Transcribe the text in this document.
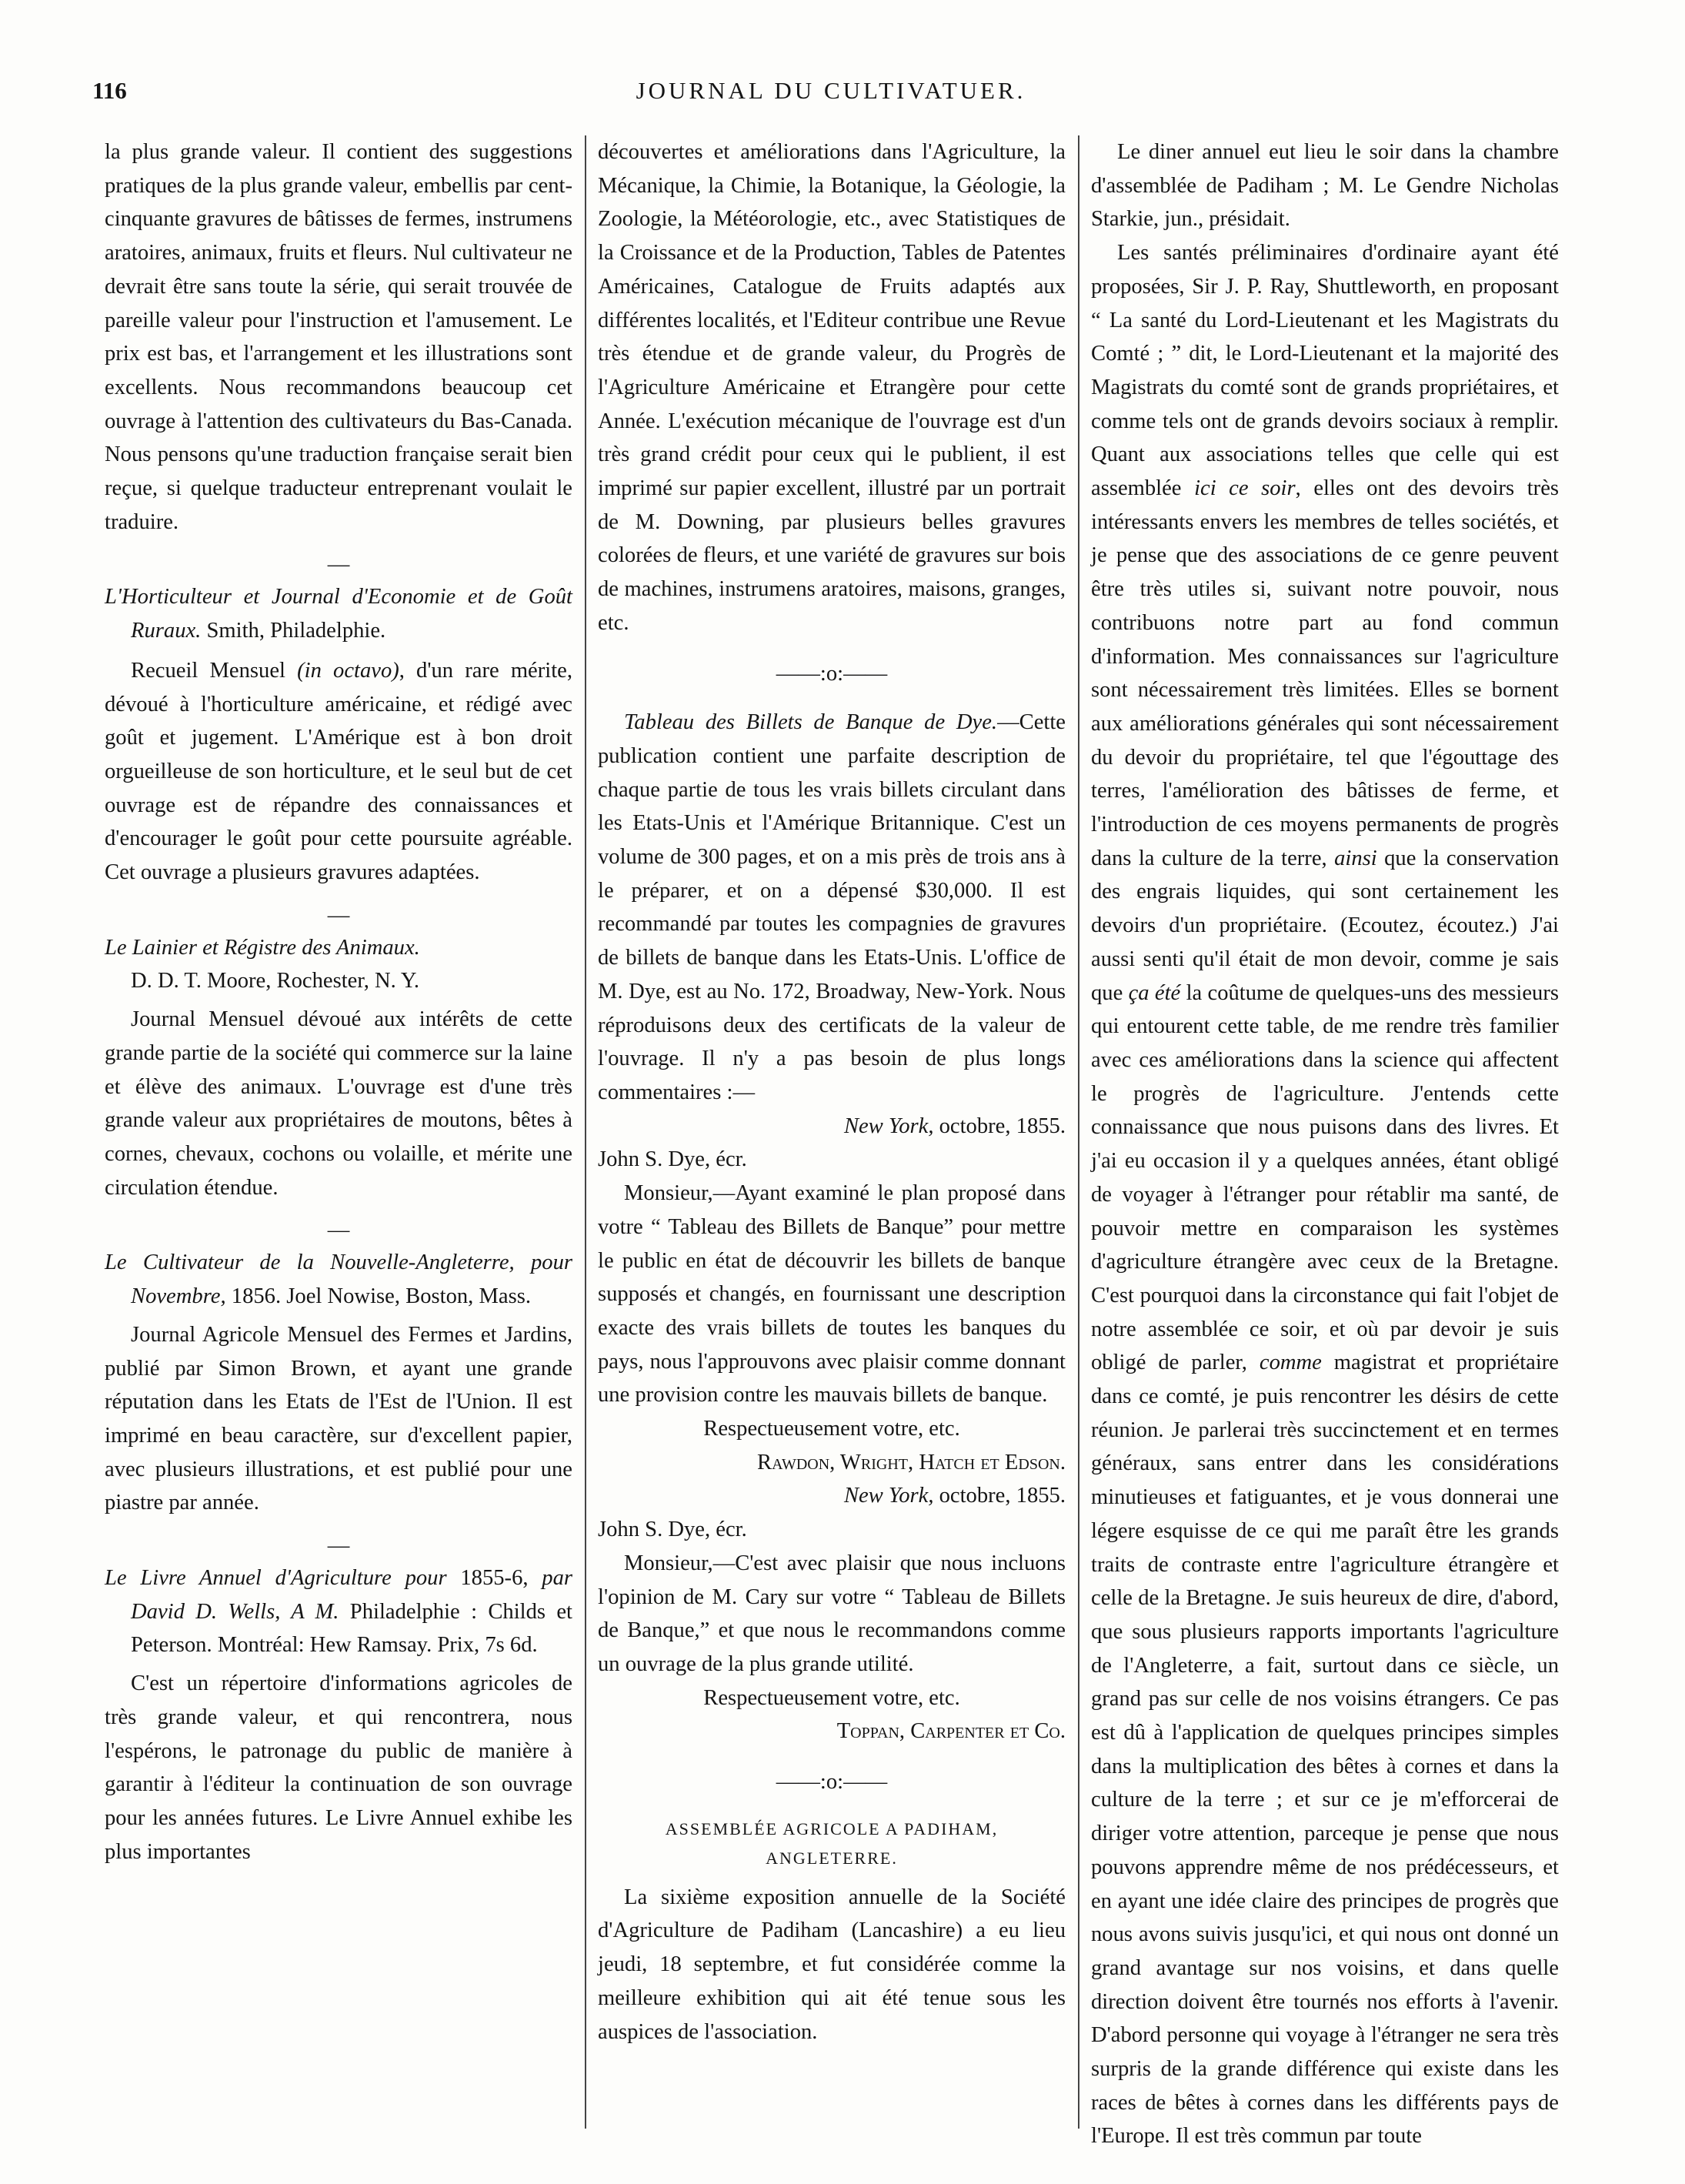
116	JOURNAL DU CULTIVATUER.

la plus grande valeur. Il contient des suggestions pratiques de la plus grande valeur, embellis par cent-cinquante gravures de bâtisses de fermes, instrumens aratoires, animaux, fruits et fleurs. Nul cultivateur ne devrait être sans toute la série, qui serait trouvée de pareille valeur pour l'instruction et l'amusement. Le prix est bas, et l'arrangement et les illustrations sont excellents. Nous recommandons beaucoup cet ouvrage à l'attention des cultivateurs du Bas-Canada. Nous pensons qu'une traduction française serait bien reçue, si quelque traducteur entreprenant voulait le traduire.

—

L'Horticulteur et Journal d'Economie et de Goût Ruraux. Smith, Philadelphie.

Recueil Mensuel (in octavo), d'un rare mérite, dévoué à l'horticulture américaine, et rédigé avec goût et jugement. L'Amérique est à bon droit orgueilleuse de son horticulture, et le seul but de cet ouvrage est de répandre des connaissances et d'encourager le goût pour cette poursuite agréable. Cet ouvrage a plusieurs gravures adaptées.

—

Le Lainier et Régistre des Animaux.

D. D. T. Moore, Rochester, N. Y.

Journal Mensuel dévoué aux intérêts de cette grande partie de la société qui commerce sur la laine et élève des animaux. L'ouvrage est d'une très grande valeur aux propriétaires de moutons, bêtes à cornes, chevaux, cochons ou volaille, et mérite une circulation étendue.

—

Le Cultivateur de la Nouvelle-Angleterre, pour Novembre, 1856. Joel Nowise, Boston, Mass.

Journal Agricole Mensuel des Fermes et Jardins, publié par Simon Brown, et ayant une grande réputation dans les Etats de l'Est de l'Union. Il est imprimé en beau caractère, sur d'excellent papier, avec plusieurs illustrations, et est publié pour une piastre par année.

—

Le Livre Annuel d'Agriculture pour 1855-6, par David D. Wells, A M. Philadelphie : Childs et Peterson. Montréal: Hew Ramsay. Prix, 7s 6d.

C'est un répertoire d'informations agricoles de très grande valeur, et qui rencontrera, nous l'espérons, le patronage du public de manière à garantir à l'éditeur la continuation de son ouvrage pour les années futures. Le Livre Annuel exhibe les plus importantes

découvertes et améliorations dans l'Agriculture, la Mécanique, la Chimie, la Botanique, la Géologie, la Zoologie, la Météorologie, etc., avec Statistiques de la Croissance et de la Production, Tables de Patentes Américaines, Catalogue de Fruits adaptés aux différentes localités, et l'Editeur contribue une Revue très étendue et de grande valeur, du Progrès de l'Agriculture Américaine et Etrangère pour cette Année. L'exécution mécanique de l'ouvrage est d'un très grand crédit pour ceux qui le publient, il est imprimé sur papier excellent, illustré par un portrait de M. Downing, par plusieurs belles gravures colorées de fleurs, et une variété de gravures sur bois de machines, instrumens aratoires, maisons, granges, etc.

——:o:——

Tableau des Billets de Banque de Dye.—Cette publication contient une parfaite description de chaque partie de tous les vrais billets circulant dans les Etats-Unis et l'Amérique Britannique. C'est un volume de 300 pages, et on a mis près de trois ans à le préparer, et on a dépensé $30,000. Il est recommandé par toutes les compagnies de gravures de billets de banque dans les Etats-Unis. L'office de M. Dye, est au No. 172, Broadway, New-York. Nous réproduisons deux des certificats de la valeur de l'ouvrage. Il n'y a pas besoin de plus longs commentaires :—

New York, octobre, 1855.

John S. Dye, écr.

Monsieur,—Ayant examiné le plan proposé dans votre “ Tableau des Billets de Banque” pour mettre le public en état de découvrir les billets de banque supposés et changés, en fournissant une description exacte des vrais billets de toutes les banques du pays, nous l'approuvons avec plaisir comme donnant une provision contre les mauvais billets de banque.

Respectueusement votre, etc.

Rawdon, Wright, Hatch et Edson.

New York, octobre, 1855.

John S. Dye, écr.

Monsieur,—C'est avec plaisir que nous incluons l'opinion de M. Cary sur votre “ Tableau de Billets de Banque,” et que nous le recommandons comme un ouvrage de la plus grande utilité.

Respectueusement votre, etc.

Toppan, Carpenter et Co.

——:o:——

ASSEMBLÉE AGRICOLE A PADIHAM,
ANGLETERRE.

La sixième exposition annuelle de la Société d'Agriculture de Padiham (Lancashire) a eu lieu jeudi, 18 septembre, et fut considérée comme la meilleure exhibition qui ait été tenue sous les auspices de l'association.

Le diner annuel eut lieu le soir dans la chambre d'assemblée de Padiham ; M. Le Gendre Nicholas Starkie, jun., présidait.

Les santés préliminaires d'ordinaire ayant été proposées, Sir J. P. Ray, Shuttleworth, en proposant “ La santé du Lord-Lieutenant et les Magistrats du Comté ; ” dit, le Lord-Lieutenant et la majorité des Magistrats du comté sont de grands propriétaires, et comme tels ont de grands devoirs sociaux à remplir. Quant aux associations telles que celle qui est assemblée ici ce soir, elles ont des devoirs très intéressants envers les membres de telles sociétés, et je pense que des associations de ce genre peuvent être très utiles si, suivant notre pouvoir, nous contribuons notre part au fond commun d'information. Mes connaissances sur l'agriculture sont nécessairement très limitées. Elles se bornent aux améliorations générales qui sont nécessairement du devoir du propriétaire, tel que l'égouttage des terres, l'amélioration des bâtisses de ferme, et l'introduction de ces moyens permanents de progrès dans la culture de la terre, ainsi que la conservation des engrais liquides, qui sont certainement les devoirs d'un propriétaire. (Ecoutez, écoutez.) J'ai aussi senti qu'il était de mon devoir, comme je sais que ça été la coûtume de quelques-uns des messieurs qui entourent cette table, de me rendre très familier avec ces améliorations dans la science qui affectent le progrès de l'agriculture. J'entends cette connaissance que nous puisons dans des livres. Et j'ai eu occasion il y a quelques années, étant obligé de voyager à l'étranger pour rétablir ma santé, de pouvoir mettre en comparaison les systèmes d'agriculture étrangère avec ceux de la Bretagne. C'est pourquoi dans la circonstance qui fait l'objet de notre assemblée ce soir, et où par devoir je suis obligé de parler, comme magistrat et propriétaire dans ce comté, je puis rencontrer les désirs de cette réunion. Je parlerai très succinctement et en termes généraux, sans entrer dans les considérations minutieuses et fatiguantes, et je vous donnerai une légere esquisse de ce qui me paraît être les grands traits de contraste entre l'agriculture étrangère et celle de la Bretagne. Je suis heureux de dire, d'abord, que sous plusieurs rapports importants l'agriculture de l'Angleterre, a fait, surtout dans ce siècle, un grand pas sur celle de nos voisins étrangers. Ce pas est dû à l'application de quelques principes simples dans la multiplication des bêtes à cornes et dans la culture de la terre ; et sur ce je m'efforcerai de diriger votre attention, parceque je pense que nous pouvons apprendre même de nos prédécesseurs, et en ayant une idée claire des principes de progrès que nous avons suivis jusqu'ici, et qui nous ont donné un grand avantage sur nos voisins, et dans quelle direction doivent être tournés nos efforts à l'avenir. D'abord personne qui voyage à l'étranger ne sera très surpris de la grande différence qui existe dans les races de bêtes à cornes dans les différents pays de l'Europe. Il est très commun par toute
